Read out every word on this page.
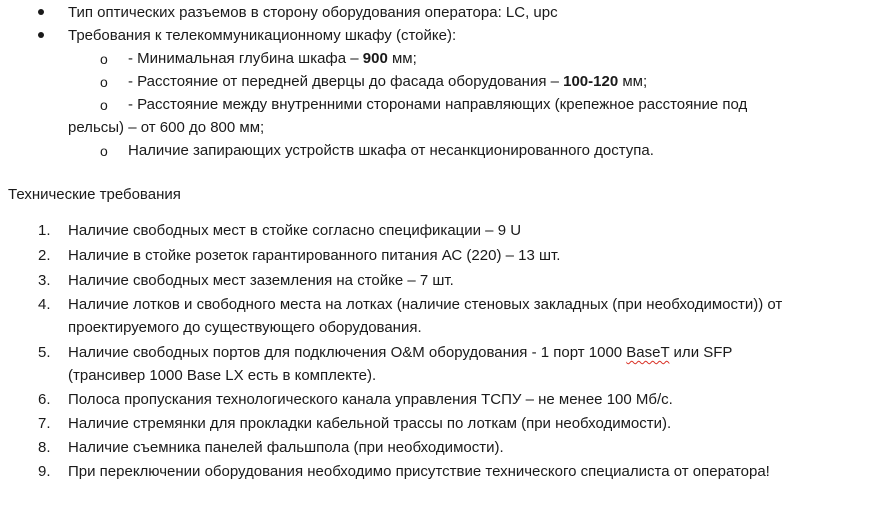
Тип оптических разъемов в сторону оборудования оператора: LC, upc
Требования к телекоммуникационному шкафу (стойке):
o - Минимальная глубина шкафа – 900 мм;
o - Расстояние от передней дверцы до фасада оборудования – 100-120 мм;
o - Расстояние между внутренними сторонами направляющих (крепежное расстояние под
рельсы) – от 600 до 800 мм;
o Наличие запирающих устройств шкафа от несанкционированного доступа.
Технические требования
1. Наличие свободных мест в стойке согласно спецификации – 9 U
2. Наличие в стойке розеток гарантированного питания АС (220) – 13 шт.
3. Наличие свободных мест заземления на стойке – 7 шт.
4. Наличие лотков и свободного места на лотках (наличие стеновых закладных (при необходимости)) от
проектируемого до существующего оборудования.
5. Наличие свободных портов для подключения O&M оборудования - 1 порт 1000 BaseT или SFP
(трансивер 1000 Base LX есть в комплекте).
6. Полоса пропускания технологического канала управления ТСПУ – не менее 100 Мб/с.
7. Наличие стремянки для прокладки кабельной трассы по лоткам (при необходимости).
8. Наличие съемника панелей фальшпола (при необходимости).
9. При переключении оборудования необходимо присутствие технического специалиста от оператора!
